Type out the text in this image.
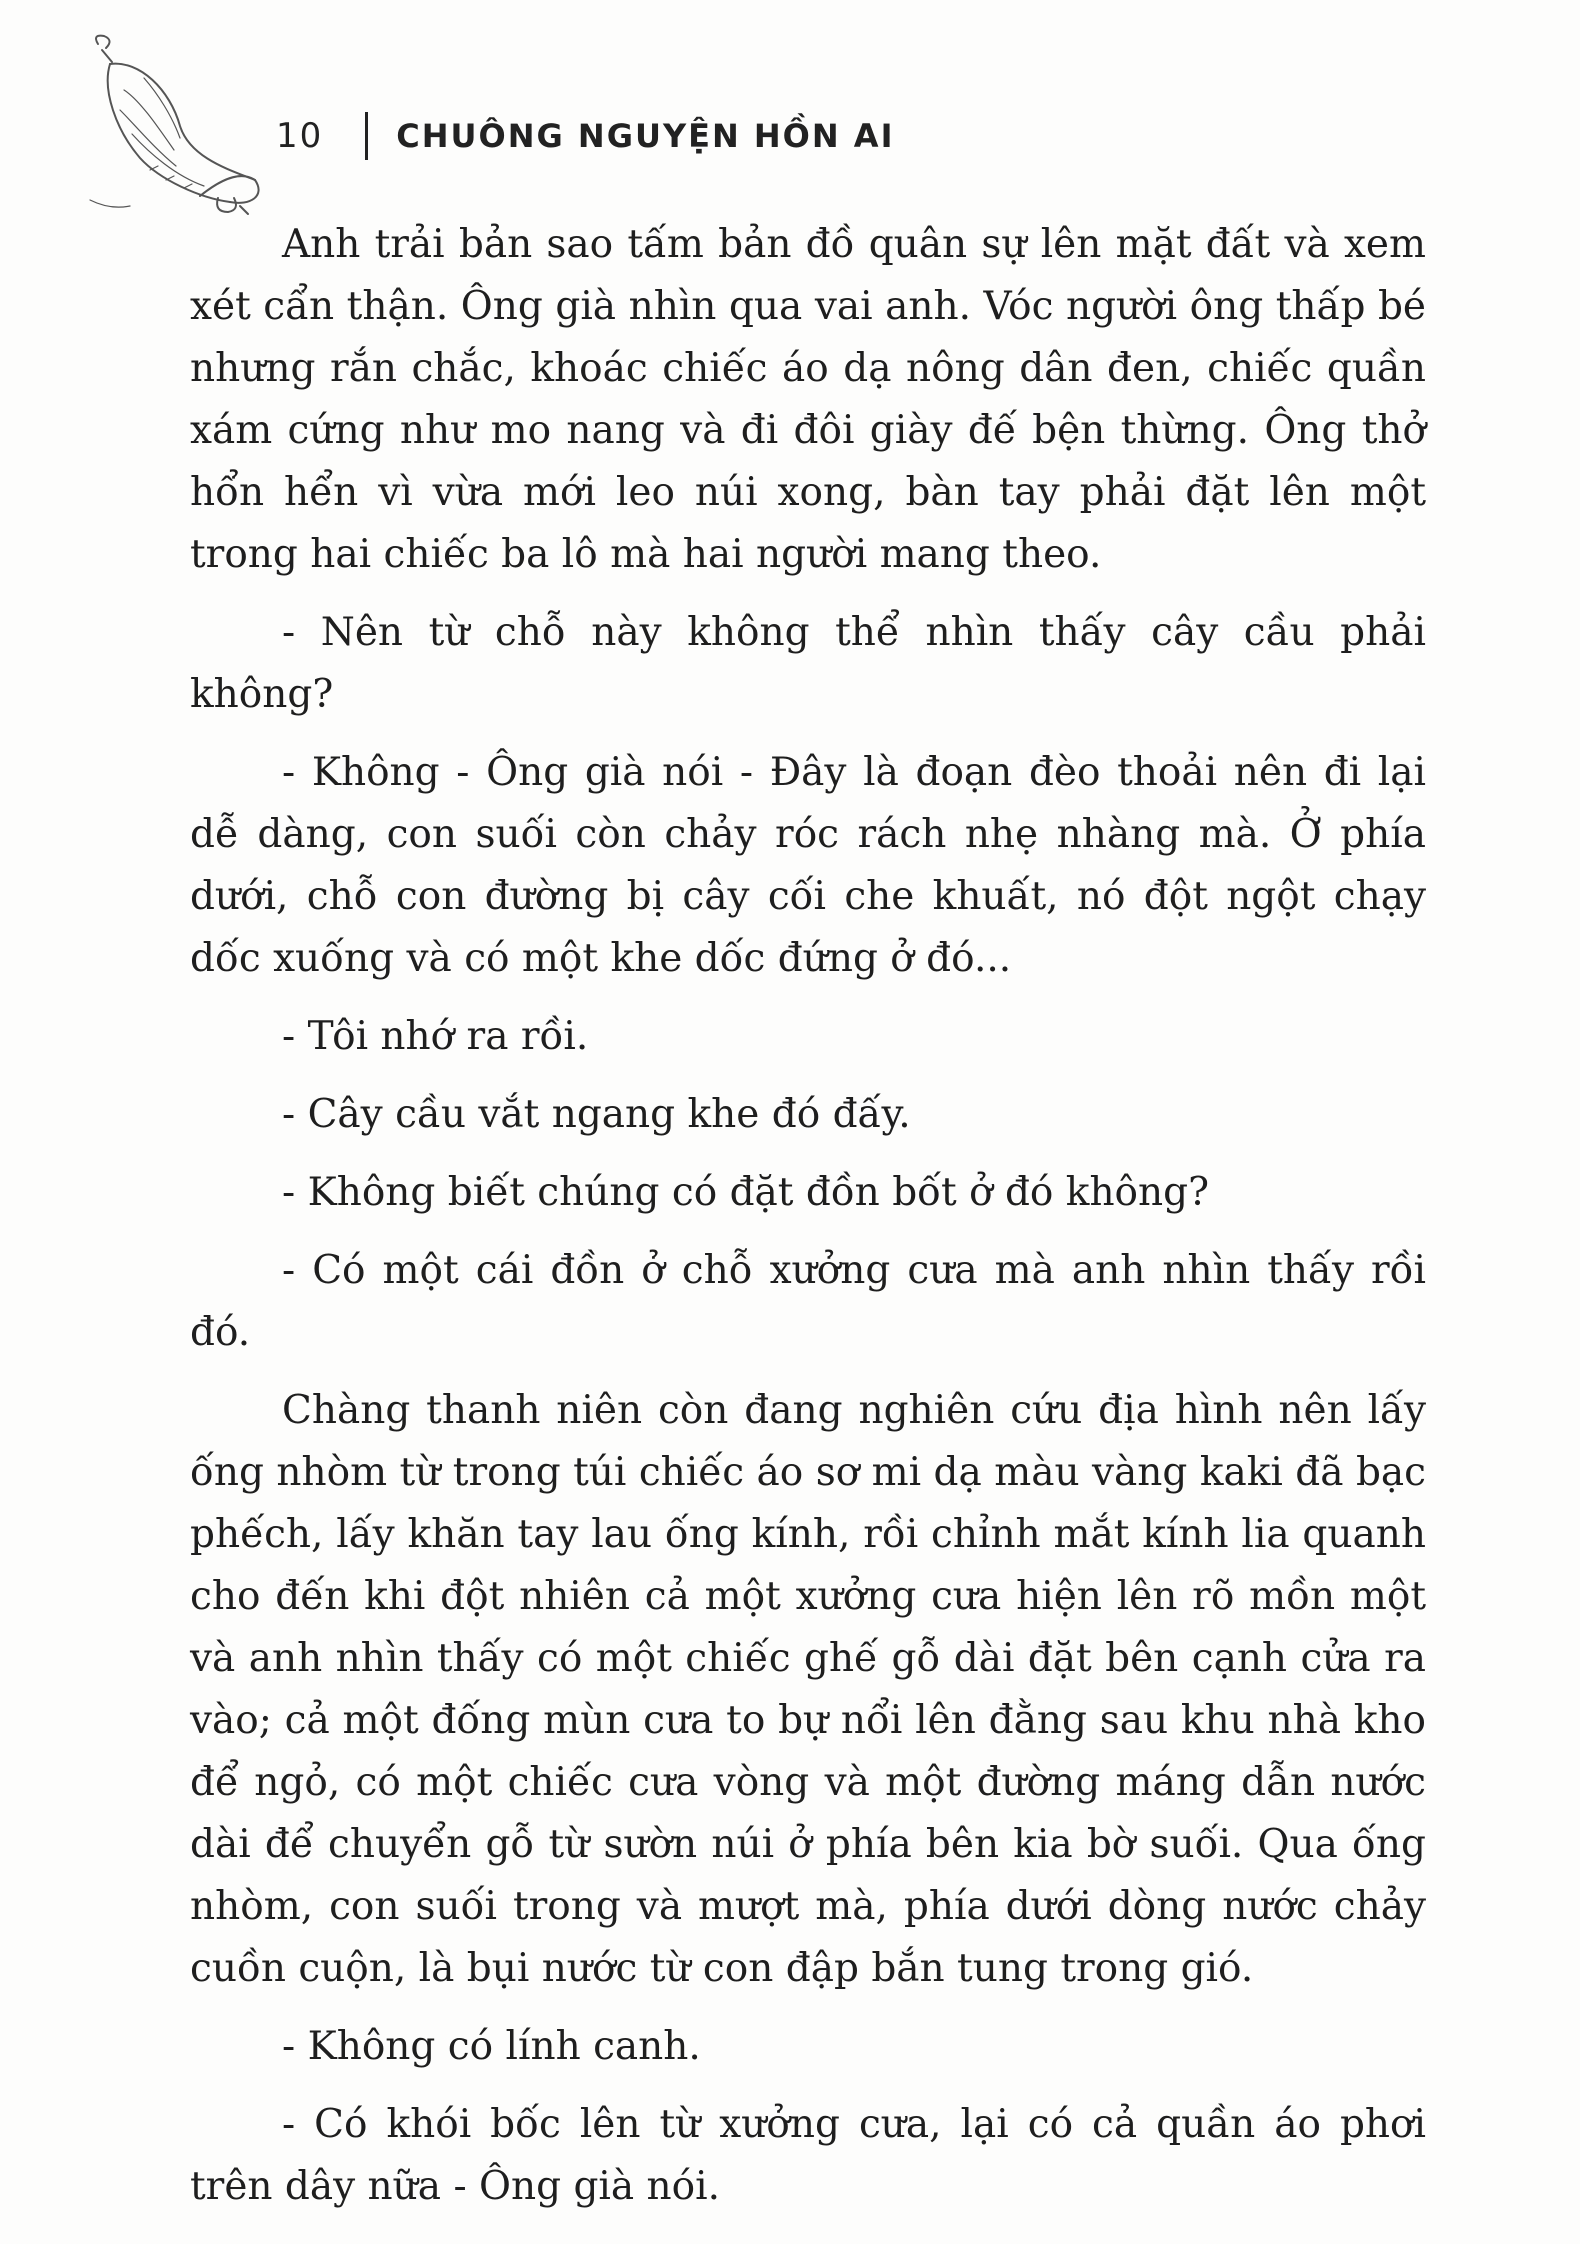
10 CHUÔNG NGUYỆN HỒN AI

Anh trải bản sao tấm bản đồ quân sự lên mặt đất và xem xét cẩn thận. Ông già nhìn qua vai anh. Vóc người ông thấp bé nhưng rắn chắc, khoác chiếc áo dạ nông dân đen, chiếc quần xám cứng như mo nang và đi đôi giày đế bện thừng. Ông thở hổn hển vì vừa mới leo núi xong, bàn tay phải đặt lên một trong hai chiếc ba lô mà hai người mang theo.

- Nên từ chỗ này không thể nhìn thấy cây cầu phải không?

- Không - Ông già nói - Đây là đoạn đèo thoải nên đi lại dễ dàng, con suối còn chảy róc rách nhẹ nhàng mà. Ở phía dưới, chỗ con đường bị cây cối che khuất, nó đột ngột chạy dốc xuống và có một khe dốc đứng ở đó...

- Tôi nhớ ra rồi.

- Cây cầu vắt ngang khe đó đấy.

- Không biết chúng có đặt đồn bốt ở đó không?

- Có một cái đồn ở chỗ xưởng cưa mà anh nhìn thấy rồi đó.

Chàng thanh niên còn đang nghiên cứu địa hình nên lấy ống nhòm từ trong túi chiếc áo sơ mi dạ màu vàng kaki đã bạc phếch, lấy khăn tay lau ống kính, rồi chỉnh mắt kính lia quanh cho đến khi đột nhiên cả một xưởng cưa hiện lên rõ mồn một và anh nhìn thấy có một chiếc ghế gỗ dài đặt bên cạnh cửa ra vào; cả một đống mùn cưa to bự nổi lên đằng sau khu nhà kho để ngỏ, có một chiếc cưa vòng và một đường máng dẫn nước dài để chuyển gỗ từ sườn núi ở phía bên kia bờ suối. Qua ống nhòm, con suối trong và mượt mà, phía dưới dòng nước chảy cuồn cuộn, là bụi nước từ con đập bắn tung trong gió.

- Không có lính canh.

- Có khói bốc lên từ xưởng cưa, lại có cả quần áo phơi trên dây nữa - Ông già nói.
